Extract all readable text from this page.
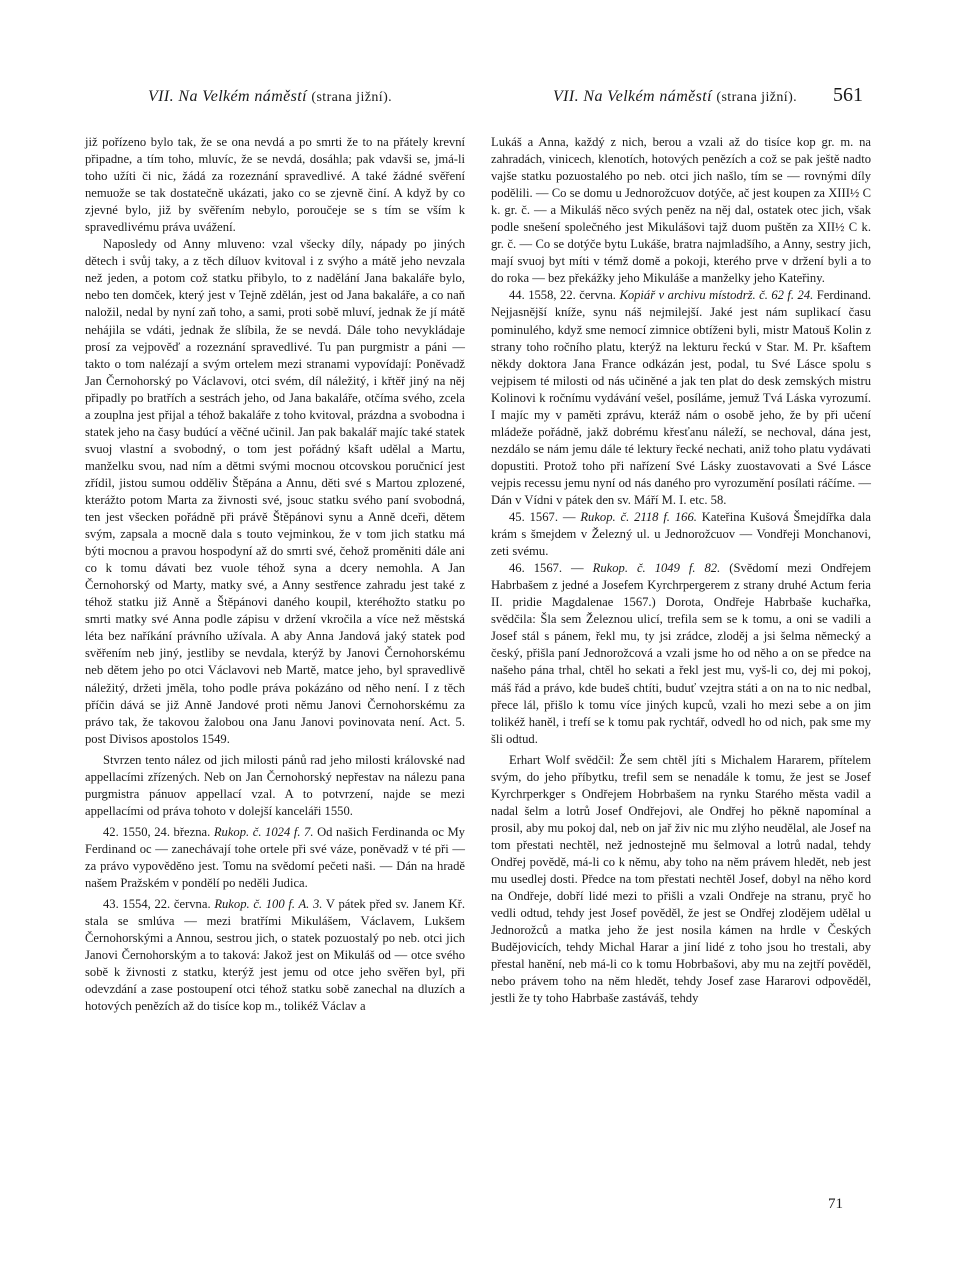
VII. Na Velkém náměstí (strana jižní).	VII. Na Velkém náměstí (strana jižní). 561

již pořízeno bylo tak, že se ona nevdá a po smrti že to na přátely krevní připadne, a tím toho, mluvíc, že se nevdá, dosáhla; pak vdavši se, jmá-li toho užíti či nic, žádá za rozeznání spravedlivé. A také žádné svěření nemuože se tak dostatečně ukázati, jako co se zjevně činí. A když by co zjevné bylo, již by svěřením nebylo, poroučeje se s tím se vším k spravedlivému práva uvážení.

Naposledy od Anny mluveno: vzal všecky díly, nápady po jiných dětech i svůj taky, a z těch díluov kvitoval i z svýho a mátě jeho nevzala než jeden, a potom což statku přibylo, to z nadělání Jana bakaláře bylo, nebo ten domček, který jest v Tejně zdělán, jest od Jana bakaláře, a co naň naložil, nedal by nyní zaň toho, a sami, proti sobě mluví, jednak že jí mátě nehájila se vdáti, jednak že slíbila, že se nevdá. Dále toho nevykládaje prosí za vejpověď a rozeznání spravedlivé. Tu pan purgmistr a páni — takto o tom nalézají a svým ortelem mezi stranami vypovídají: Poněvadž Jan Černohorský po Václavovi, otci svém, díl náležitý, i křtěř jiný na něj připadly po bratřích a sestrách jeho, od Jana bakaláře, otčíma svého, zcela a zouplna jest přijal a téhož bakaláře z toho kvitoval, prázdna a svobodna i statek jeho na časy budúcí a věčné učinil. Jan pak bakalář majíc také statek svuoj vlastní a svobodný, o tom jest pořádný kšaft udělal a Martu, manželku svou, nad ním a dětmi svými mocnou otcovskou poručnicí jest zřídil, jistou sumou odděliv Štěpána a Annu, děti své s Martou zplozené, kterážto potom Marta za živnosti své, jsouc statku svého paní svobodná, ten jest všecken pořádně při právě Štěpánovi synu a Anně dceři, dětem svým, zapsala a mocně dala s touto vejminkou, že v tom jich statku má býti mocnou a pravou hospodyní až do smrti své, čehož proměniti dále ani co k tomu dávati bez vuole téhož syna a dcery nemohla. A Jan Černohorský od Marty, matky své, a Anny sestřence zahradu jest také z téhož statku již Anně a Štěpánovi daného koupil, kteréhožto statku po smrti matky své Anna podle zápisu v držení vkročila a více než městská léta bez naříkání právního užívala. A aby Anna Jandová jaký statek pod svěřením neb jiný, jestliby se nevdala, kterýž by Janovi Černohorskému neb dětem jeho po otci Václavovi neb Martě, matce jeho, byl spravedlivě náležitý, držeti jměla, toho podle práva pokázáno od něho není. I z těch příčin dává se již Anně Jandové proti němu Janovi Černohorskému za právo tak, že takovou žalobou ona Janu Janovi povinovata není. Act. 5. post Divisos apostolos 1549.

Stvrzen tento nález od jich milosti pánů rad jeho milosti královské nad appellacími zřízených. Neb on Jan Černohorský nepřestav na nálezu pana purgmistra pánuov appellací vzal. A to potvrzení, najde se mezi appellacími od práva tohoto v dolejší kanceláři 1550.

42. 1550, 24. března. Rukop. č. 1024 f. 7. Od našich Ferdinanda oc My Ferdinand oc — zanechávají tohe ortele při své váze, poněvadž v té při — za právo vypověděno jest. Tomu na svědomí pečeti naši. — Dán na hradě našem Pražském v pondělí po neděli Judica.

43. 1554, 22. června. Rukop. č. 100 f. A. 3. V pátek před sv. Janem Kř. stala se smlúva — mezi bratřími Mikulášem, Václavem, Lukšem Černohorskými a Annou, sestrou jich, o statek pozuostalý po neb. otci jich Janovi Černohorským a to taková: Jakož jest on Mikuláš od — otce svého sobě k živnosti z statku, kterýž jest jemu od otce jeho svěřen byl, při odevzdání a zase postoupení otci téhož statku sobě zanechal na dluzích a hotových penězích až do tisíce kop m., tolikéž Václav a

Lukáš a Anna, každý z nich, berou a vzali až do tisíce kop gr. m. na zahradách, vinicech, klenotích, hotových penězích a což se pak ještě nadto vajše statku pozuostalého po neb. otci jich našlo, tím se — rovnými díly podělili. — Co se domu u Jednorožcuov dotýče, ač jest koupen za XIII½ C k. gr. č. — a Mikuláš něco svých peněz na něj dal, ostatek otec jich, však podle snešení společného jest Mikulášovi tajž duom puštěn za XII½ C k. gr. č. — Co se dotýče bytu Lukáše, bratra najmladšího, a Anny, sestry jich, mají svuoj byt míti v témž domě a pokoji, kterého prve v držení byli a to do roka — bez překážky jeho Mikuláše a manželky jeho Kateřiny.

44. 1558, 22. června. Kopiář v archivu místodrž. č. 62 f. 24. Ferdinand. Nejjasnější kníže, synu náš nejmilejší. Jaké jest nám suplikací času pominulého, když sme nemocí zimnice obtíženi byli, mistr Matouš Kolin z strany toho ročního platu, kterýž na lekturu řeckú v Star. M. Pr. kšaftem někdy doktora Jana France odkázán jest, podal, tu Své Lásce spolu s vejpisem té milosti od nás učiněné a jak ten plat do desk zemských mistru Kolinovi k ročnímu vydávání vešel, posíláme, jemuž Tvá Láska vyrozumí. I majíc my v paměti zprávu, kteráž nám o osobě jeho, že by při učení mládeže pořádně, jakž dobrému křesťanu náleží, se nechoval, dána jest, nezdálo se nám jemu dále té lektury řecké nechati, aniž toho platu vydávati dopustiti. Protož toho při nařízení Své Lásky zuostavovati a Své Lásce vejpis recessu jemu nyní od nás daného pro vyrozumění posílati ráčíme. — Dán v Vídni v pátek den sv. Máří M. I. etc. 58.

45. 1567. — Rukop. č. 2118 f. 166. Kateřina Kušová Šmejdířka dala krám s šmejdem v Železný ul. u Jednorožcuov — Vondřeji Monchanovi, zeti svému.

46. 1567. — Rukop. č. 1049 f. 82. (Svědomí mezi Ondřejem Habrbašem z jedné a Josefem Kyrchrpergerem z strany druhé Actum feria II. pridie Magdalenae 1567.) Dorota, Ondřeje Habrbaše kuchařka, svědčila: Šla sem Železnou ulicí, trefila sem se k tomu, a oni se vadili a Josef stál s pánem, řekl mu, ty jsi zrádce, zloděj a jsi šelma německý a český, přišla paní Jednorožcová a vzali jsme ho od něho a on se předce na našeho pána trhal, chtěl ho sekati a řekl jest mu, vyš-li co, dej mi pokoj, máš řád a právo, kde budeš chtíti, buduť vzejtra státi a on na to nic nedbal, přece lál, přišlo k tomu více jiných kupců, vzali ho mezi sebe a on jim tolikéž haněl, i trefí se k tomu pak rychtář, odvedl ho od nich, pak sme my šli odtud.

Erhart Wolf svědčil: Že sem chtěl jíti s Michalem Hararem, přítelem svým, do jeho příbytku, trefil sem se nenadále k tomu, že jest se Josef Kyrchrperkger s Ondřejem Hobrbašem na rynku Starého města vadil a nadal šelm a lotrů Josef Ondřejovi, ale Ondřej ho pěkně napomínal a prosil, aby mu pokoj dal, neb on jař živ nic mu zlýho neudělal, ale Josef na tom přestati nechtěl, než jednostejně mu šelmoval a lotrů nadal, tehdy Ondřej povědě, má-li co k němu, aby toho na něm právem hledět, neb jest mu usedlej dosti. Předce na tom přestati nechtěl Josef, dobyl na něho kord na Ondřeje, dobří lidé mezi to přišli a vzali Ondřeje na stranu, pryč ho vedli odtud, tehdy jest Josef pověděl, že jest se Ondřej zlodějem udělal u Jednorožců a matka jeho že jest nosila kámen na hrdle v Českých Budějovicích, tehdy Michal Harar a jiní lidé z toho jsou ho trestali, aby přestal hanění, neb má-li co k tomu Hobrbašovi, aby mu na zejtří pověděl, nebo právem toho na něm hledět, tehdy Josef zase Hararovi odpověděl, jestli že ty toho Habrbaše zastáváš, tehdy

71
